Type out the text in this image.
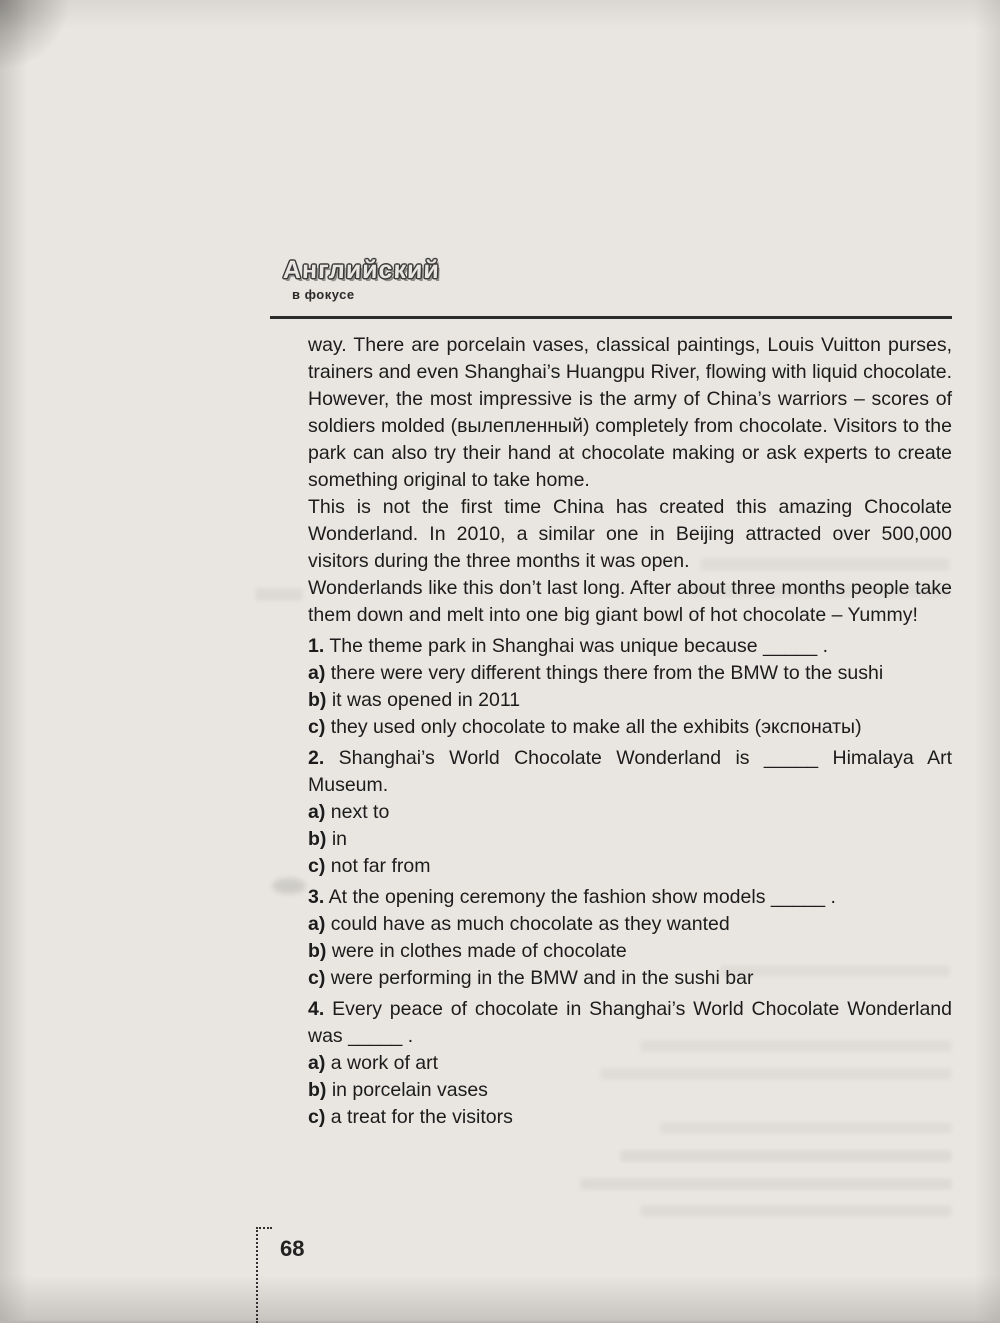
Английский
в фокусе

way. There are porcelain vases, classical paintings, Louis Vuitton purses, trainers and even Shanghai’s Huangpu River, flowing with liquid chocolate. However, the most impressive is the army of China’s warriors – scores of soldiers molded (вылепленный) completely from chocolate. Visitors to the park can also try their hand at chocolate making or ask experts to create something original to take home.

This is not the first time China has created this amazing Chocolate Wonderland. In 2010, a similar one in Beijing attracted over 500,000 visitors during the three months it was open.

Wonderlands like this don’t last long. After about three months people take them down and melt into one big giant bowl of hot chocolate – Yummy!

1. The theme park in Shanghai was unique because _____ .

a) there were very different things there from the BMW to the sushi

b) it was opened in 2011

c) they used only chocolate to make all the exhibits (экспонаты)

2. Shanghai’s World Chocolate Wonderland is _____ Himalaya Art Museum.

a) next to

b) in

c) not far from

3. At the opening ceremony the fashion show models _____ .

a) could have as much chocolate as they wanted

b) were in clothes made of chocolate

c) were performing in the BMW and in the sushi bar

4. Every peace of chocolate in Shanghai’s World Chocolate Wonderland was _____ .

a) a work of art

b) in porcelain vases

c) a treat for the visitors

68
